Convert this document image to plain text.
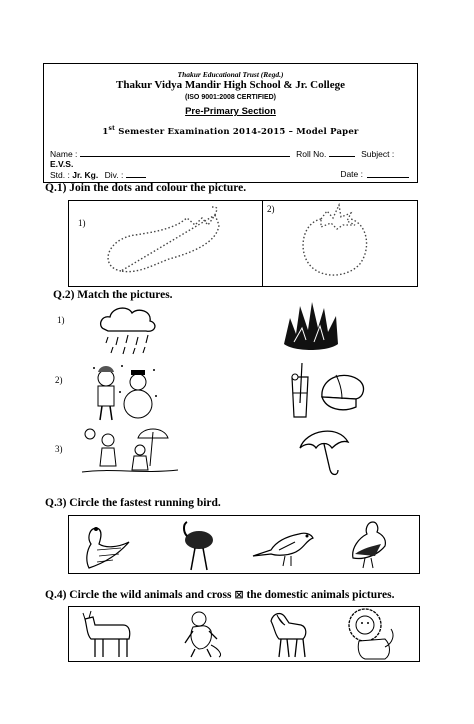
Thakur Educational Trust (Regd.)
Thakur Vidya Mandir High School & Jr. College
(ISO 9001:2008 CERTIFIED)
Pre-Primary Section
1st Semester Examination 2014-2015 – Model Paper
Name :	Roll No.	Subject : E.V.S.
Std. : Jr. Kg. Div. :	Date :
Q.1) Join the dots and colour the picture.
1)
2)
Q.2) Match the pictures.
1)
2)
3)
Q.3) Circle the fastest running bird.
Q.4) Circle the wild animals and cross ⊠ the domestic animals pictures.
